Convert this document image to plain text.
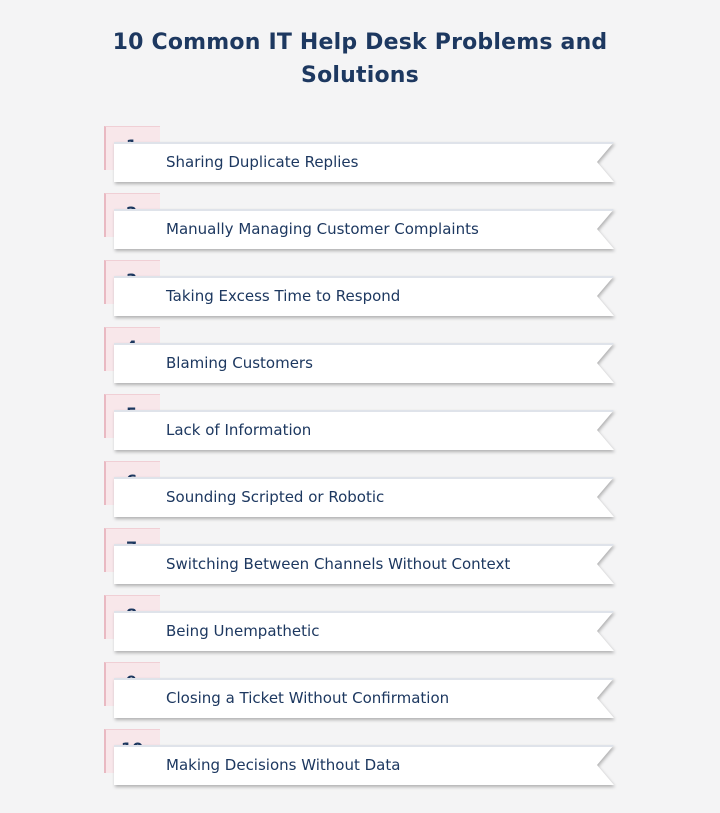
10 Common IT Help Desk Problems and Solutions
Sharing Duplicate Replies
Manually Managing Customer Complaints
Taking Excess Time to Respond
Blaming Customers
Lack of Information
Sounding Scripted or Robotic
Switching Between Channels Without Context
Being Unempathetic
Closing a Ticket Without Confirmation
Making Decisions Without Data
